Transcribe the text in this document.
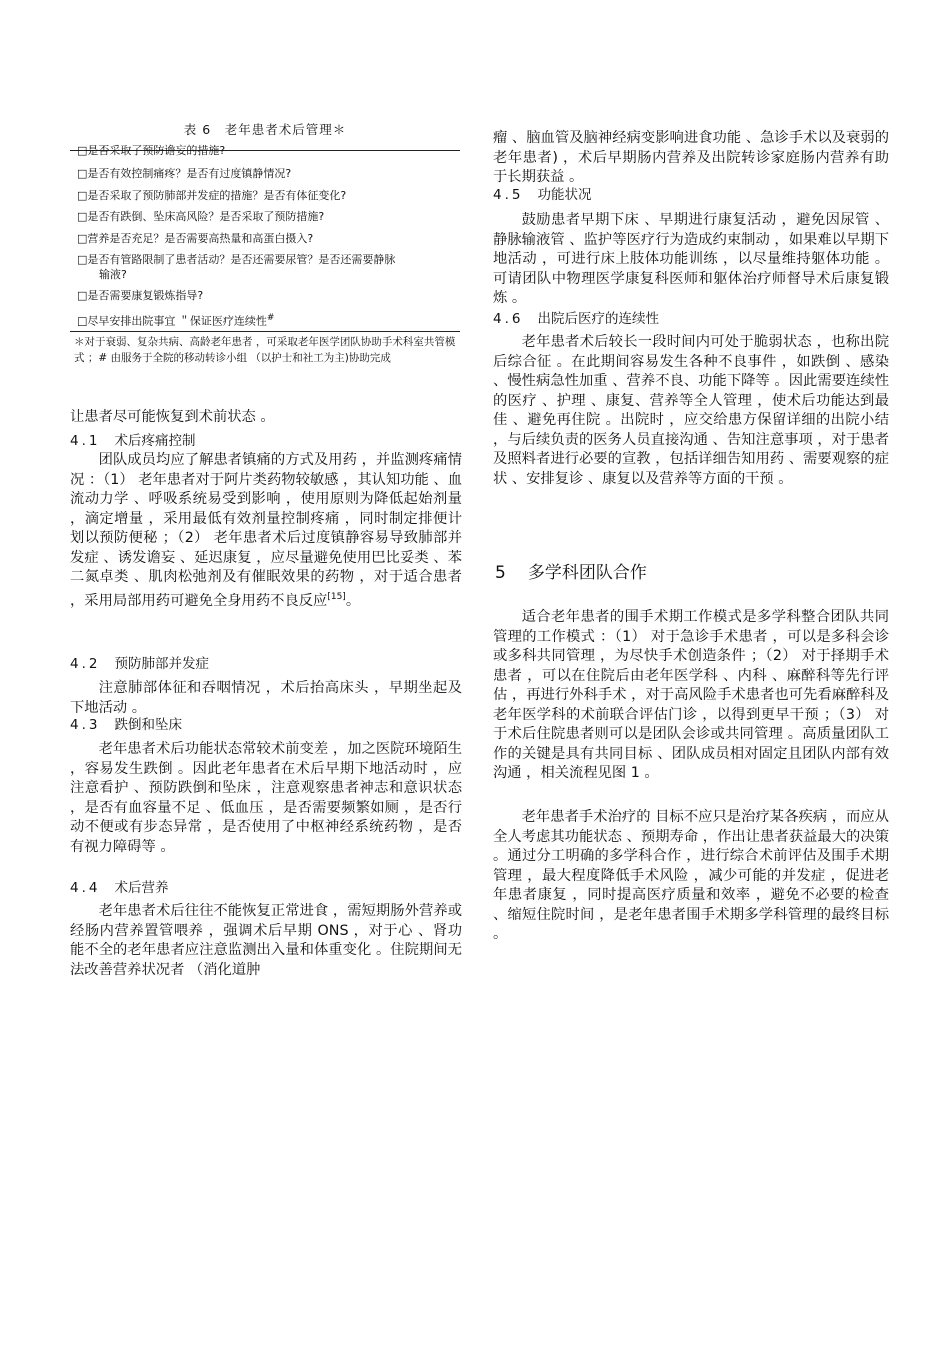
表 6　老年患者术后管理＊
□是否采取了预防谵妄的措施?
□是否有效控制痛疼？是否有过度镇静情况?
□是否采取了预防肺部并发症的措施？是否有体征变化?
□是否有跌倒、坠床高风险？是否采取了预防措施?
□营养是否充足？是否需要高热量和高蛋白摄入?
□是否有管路限制了患者活动？是否还需要尿管？是否还需要静脉
输液?
□是否需要康复锻炼指导?
□尽早安排出院事宜 ＂保证医疗连续性#
＊对于衰弱、复杂共病、高龄老年患者 ，可采取老年医学团队协助手术科室共管模式 ；# 由服务于全院的移动转诊小组 （以护士和社工为主)协助完成
让患者尽可能恢复到术前状态 。
4.1 术后疼痛控制
团队成员均应了解患者镇痛的方式及用药 ，并监测疼痛情况 ：（1） 老年患者对于阿片类药物较敏感 ，其认知功能 、血流动力学 、呼吸系统易受到影响 ，使用原则为降低起始剂量 ，滴定增量 ，采用最低有效剂量控制疼痛 ，同时制定排便计划以预防便秘 ；（2） 老年患者术后过度镇静容易导致肺部并发症 、诱发谵妄 、延迟康复 ，应尽量避免使用巴比妥类 、苯二氮卓类 、肌肉松弛剂及有催眠效果的药物 ，对于适合患者 ，采用局部用药可避免全身用药不良反应[15]。
4.2 预防肺部并发症
注意肺部体征和吞咽情况 ，术后抬高床头 ，早期坐起及下地活动 。
4.3 跌倒和坠床
老年患者术后功能状态常较术前变差 ，加之医院环境陌生 ，容易发生跌倒 。因此老年患者在术后早期下地活动时 ，应注意看护 、预防跌倒和坠床 ，注意观察患者神志和意识状态 ，是否有血容量不足 、低血压 ，是否需要频繁如厕 ，是否行动不便或有步态异常 ，是否使用了中枢神经系统药物 ，是否有视力障碍等 。
4.4 术后营养
老年患者术后往往不能恢复正常进食 ，需短期肠外营养或经肠内营养置管喂养 ，强调术后早期 ONS ，对于心 、肾功能不全的老年患者应注意监测出入量和体重变化 。住院期间无法改善营养状况者 （消化道肿
瘤 、脑血管及脑神经病变影响进食功能 、急诊手术以及衰弱的老年患者) ，术后早期肠内营养及出院转诊家庭肠内营养有助于长期获益 。
4.5 功能状况
鼓励患者早期下床 、早期进行康复活动 ，避免因尿管 、静脉输液管 、监护等医疗行为造成约束制动 ，如果难以早期下地活动 ，可进行床上肢体功能训练 ，以尽量维持躯体功能 。可请团队中物理医学康复科医师和躯体治疗师督导术后康复锻炼 。
4.6 出院后医疗的连续性
老年患者术后较长一段时间内可处于脆弱状态 ，也称出院后综合征 。在此期间容易发生各种不良事件 ，如跌倒 、感染 、慢性病急性加重 、营养不良、功能下降等 。因此需要连续性的医疗 、护理 、康复、营养等全人管理 ，使术后功能达到最佳 、避免再住院 。出院时 ，应交给患方保留详细的出院小结 ，与后续负责的医务人员直接沟通 、告知注意事项 ，对于患者及照料者进行必要的宣教 ，包括详细告知用药 、需要观察的症状 、安排复诊 、康复以及营养等方面的干预 。
5 多学科团队合作
适合老年患者的围手术期工作模式是多学科整合团队共同管理的工作模式 ：（1） 对于急诊手术患者 ，可以是多科会诊或多科共同管理 ，为尽快手术创造条件 ；（2） 对于择期手术患者 ，可以在住院后由老年医学科 、内科 、麻醉科等先行评估 ，再进行外科手术 ，对于高风险手术患者也可先看麻醉科及老年医学科的术前联合评估门诊 ，以得到更早干预 ；（3） 对于术后住院患者则可以是团队会诊或共同管理 。高质量团队工作的关键是具有共同目标 、团队成员相对固定且团队内部有效沟通 ，相关流程见图 1 。
老年患者手术治疗的 目标不应只是治疗某各疾病 ，而应从全人考虑其功能状态 、预期寿命 ，作出让患者获益最大的决策 。通过分工明确的多学科合作 ，进行综合术前评估及围手术期管理 ，最大程度降低手术风险 ，减少可能的并发症 ，促进老年患者康复 ，同时提高医疗质量和效率 ，避免不必要的检查 、缩短住院时间 ，是老年患者围手术期多学科管理的最终目标 。
